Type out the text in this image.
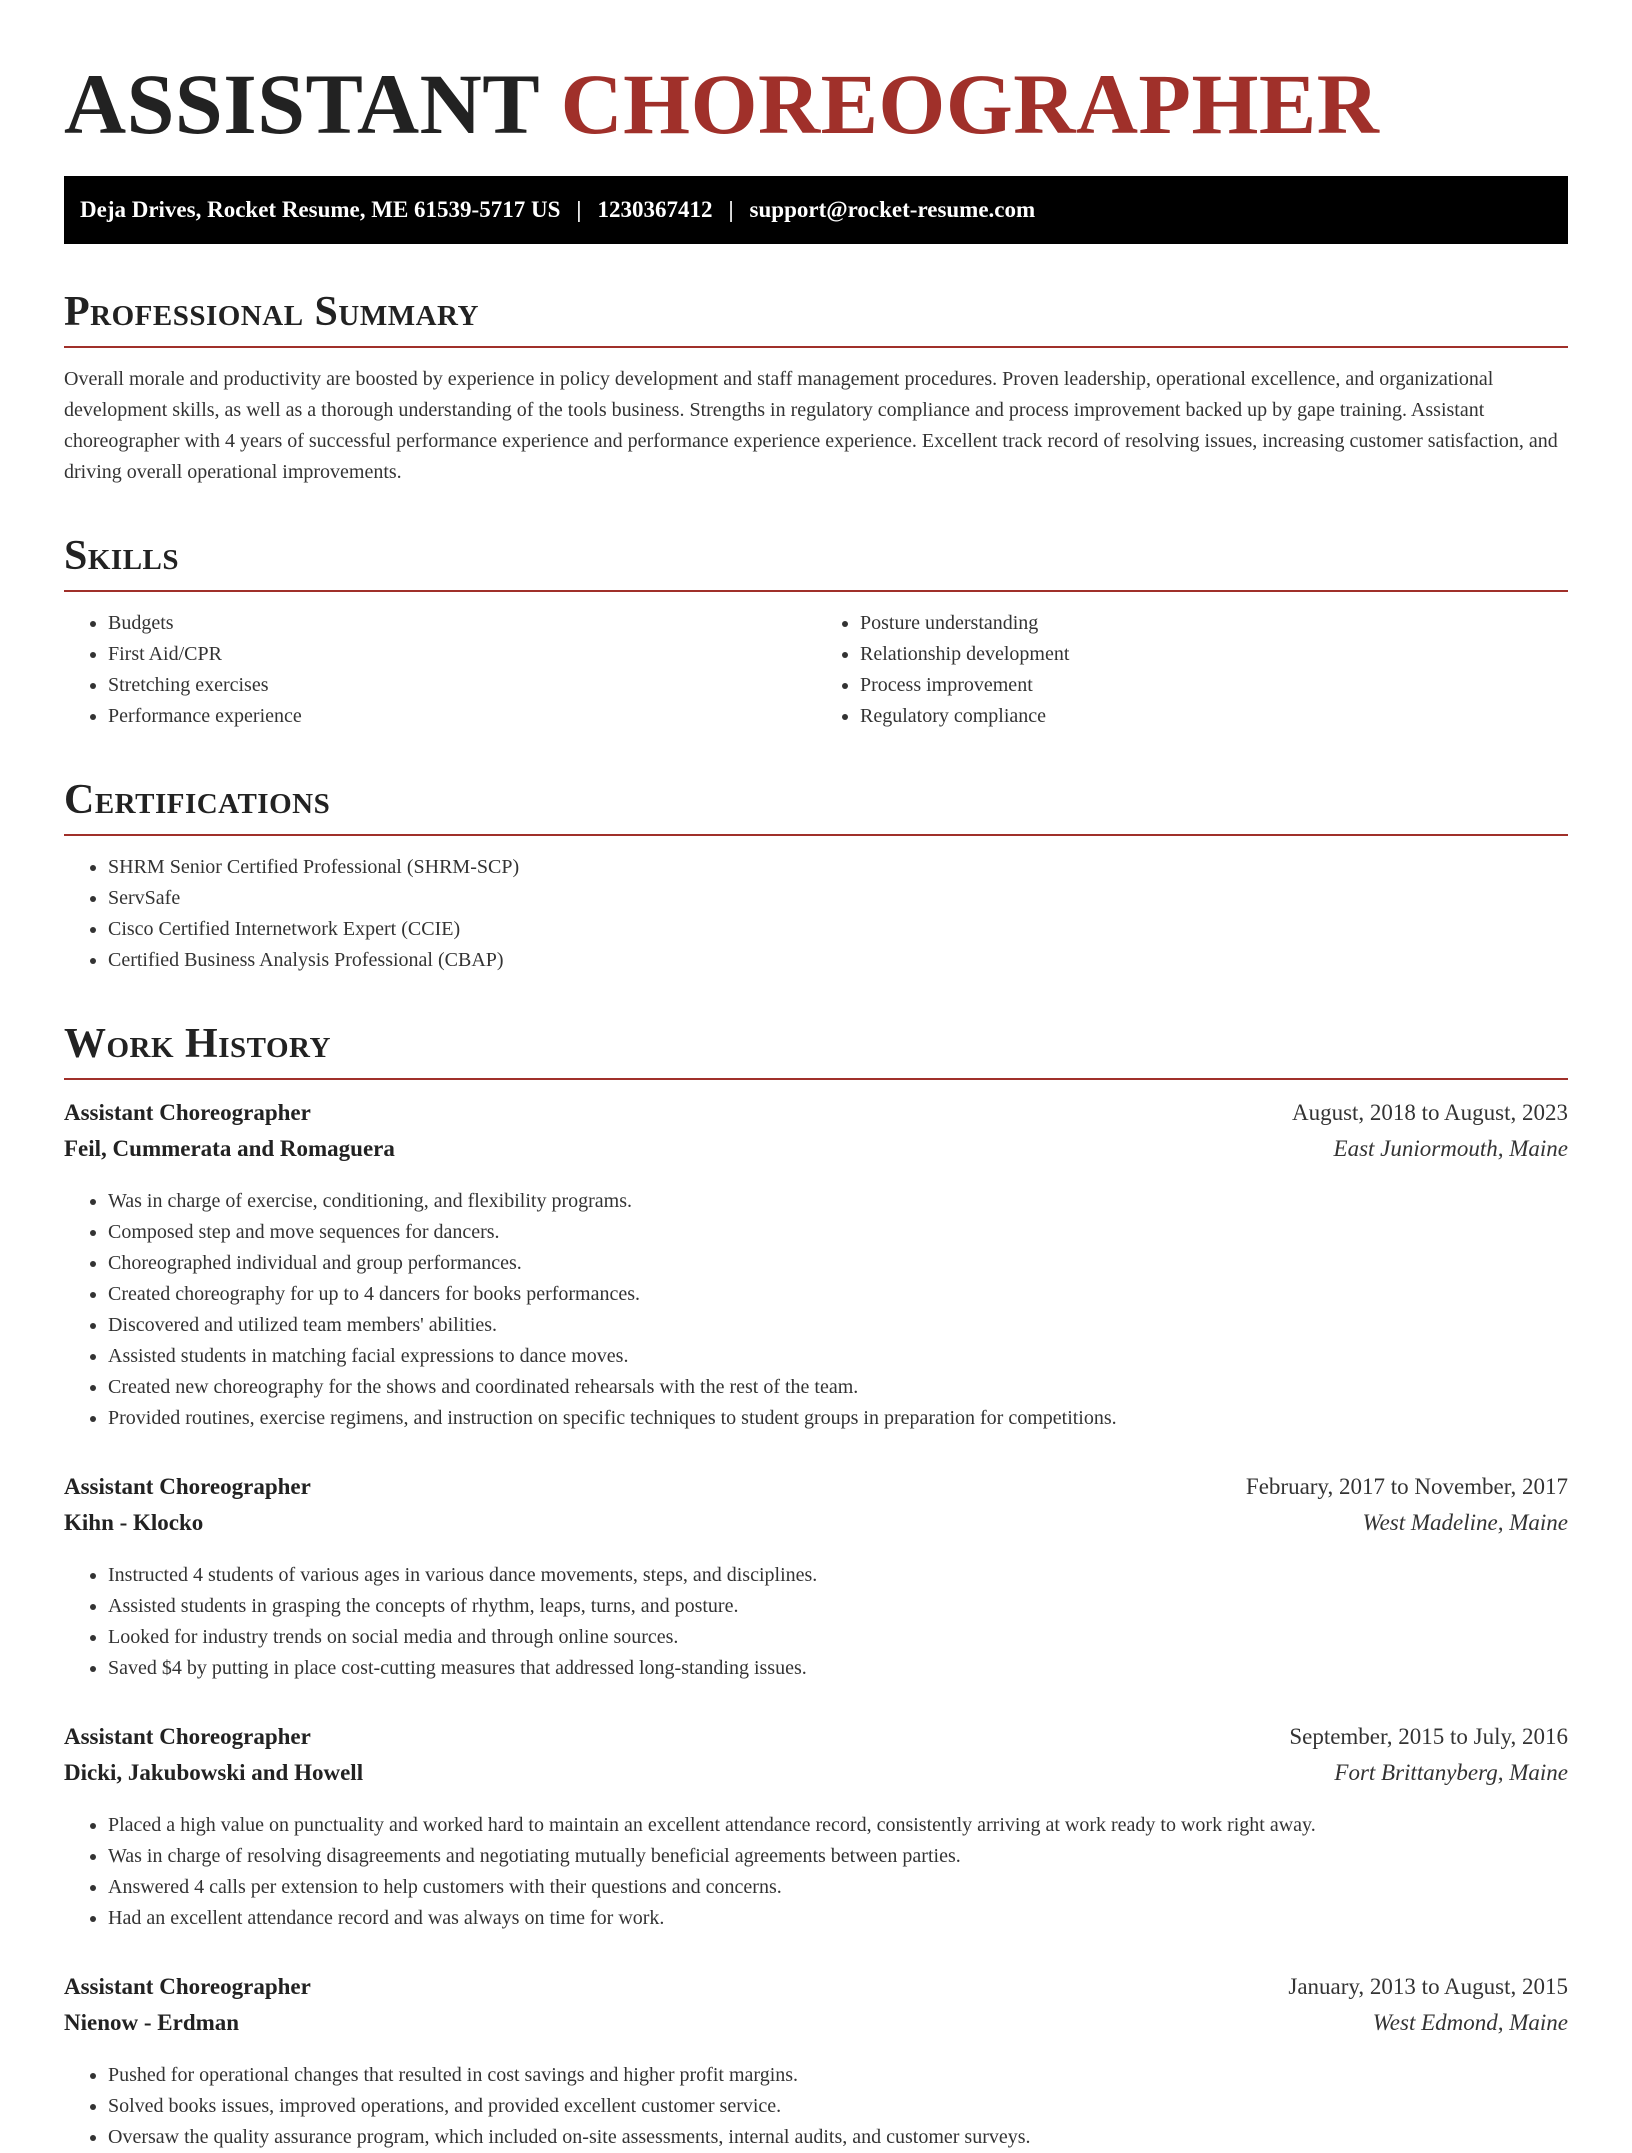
ASSISTANT CHOREOGRAPHER
Deja Drives, Rocket Resume, ME 61539-5717 US | 1230367412 | support@rocket-resume.com
Professional Summary

Overall morale and productivity are boosted by experience in policy development and staff management procedures. Proven leadership, operational excellence, and organizational development skills, as well as a thorough understanding of the tools business. Strengths in regulatory compliance and process improvement backed up by gape training. Assistant choreographer with 4 years of successful performance experience and performance experience experience. Excellent track record of resolving issues, increasing customer satisfaction, and driving overall operational improvements.

Skills
• Budgets
• First Aid/CPR
• Stretching exercises
• Performance experience
• Posture understanding
• Relationship development
• Process improvement
• Regulatory compliance
Certifications
• SHRM Senior Certified Professional (SHRM-SCP)
• ServSafe
• Cisco Certified Internetwork Expert (CCIE)
• Certified Business Analysis Professional (CBAP)
Work History
Assistant Choreographer	August, 2018 to August, 2023
Feil, Cummerata and Romaguera	East Juniormouth, Maine
• Was in charge of exercise, conditioning, and flexibility programs.
• Composed step and move sequences for dancers.
• Choreographed individual and group performances.
• Created choreography for up to 4 dancers for books performances.
• Discovered and utilized team members' abilities.
• Assisted students in matching facial expressions to dance moves.
• Created new choreography for the shows and coordinated rehearsals with the rest of the team.
• Provided routines, exercise regimens, and instruction on specific techniques to student groups in preparation for competitions.
Assistant Choreographer	February, 2017 to November, 2017
Kihn - Klocko	West Madeline, Maine
• Instructed 4 students of various ages in various dance movements, steps, and disciplines.
• Assisted students in grasping the concepts of rhythm, leaps, turns, and posture.
• Looked for industry trends on social media and through online sources.
• Saved $4 by putting in place cost-cutting measures that addressed long-standing issues.
Assistant Choreographer	September, 2015 to July, 2016
Dicki, Jakubowski and Howell	Fort Brittanyberg, Maine
• Placed a high value on punctuality and worked hard to maintain an excellent attendance record, consistently arriving at work ready to work right away.
• Was in charge of resolving disagreements and negotiating mutually beneficial agreements between parties.
• Answered 4 calls per extension to help customers with their questions and concerns.
• Had an excellent attendance record and was always on time for work.
Assistant Choreographer	January, 2013 to August, 2015
Nienow - Erdman	West Edmond, Maine
• Pushed for operational changes that resulted in cost savings and higher profit margins.
• Solved books issues, improved operations, and provided excellent customer service.
• Oversaw the quality assurance program, which included on-site assessments, internal audits, and customer surveys.
